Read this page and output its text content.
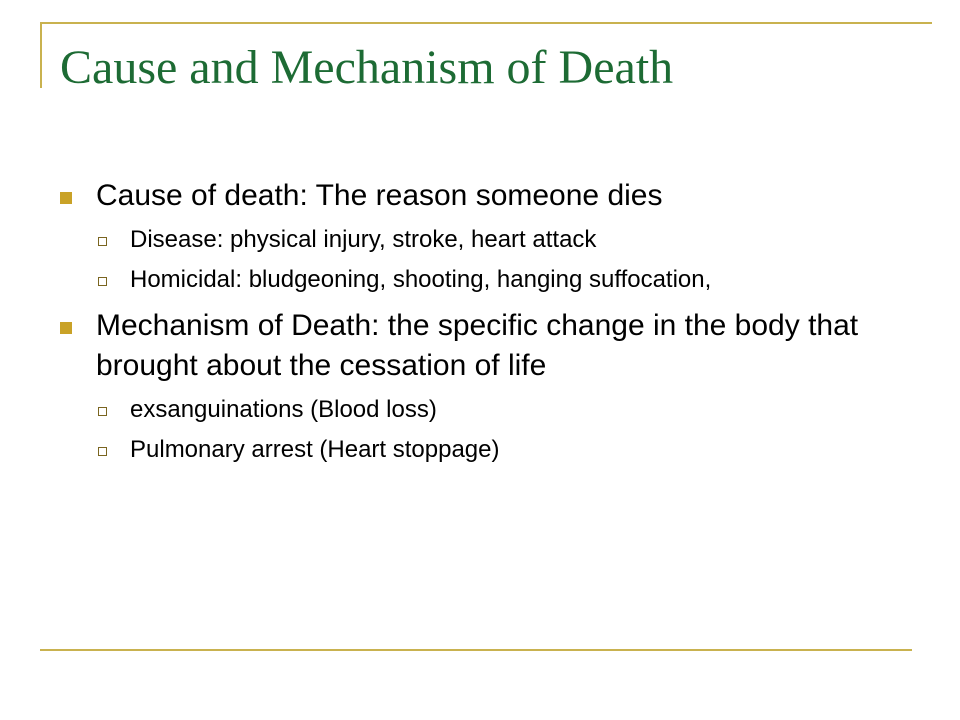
Cause and Mechanism of Death
Cause of death: The reason someone dies
Disease: physical injury, stroke, heart attack
Homicidal: bludgeoning, shooting, hanging suffocation,
Mechanism of Death: the specific change in the body that brought about the cessation of life
exsanguinations (Blood loss)
Pulmonary arrest (Heart stoppage)
